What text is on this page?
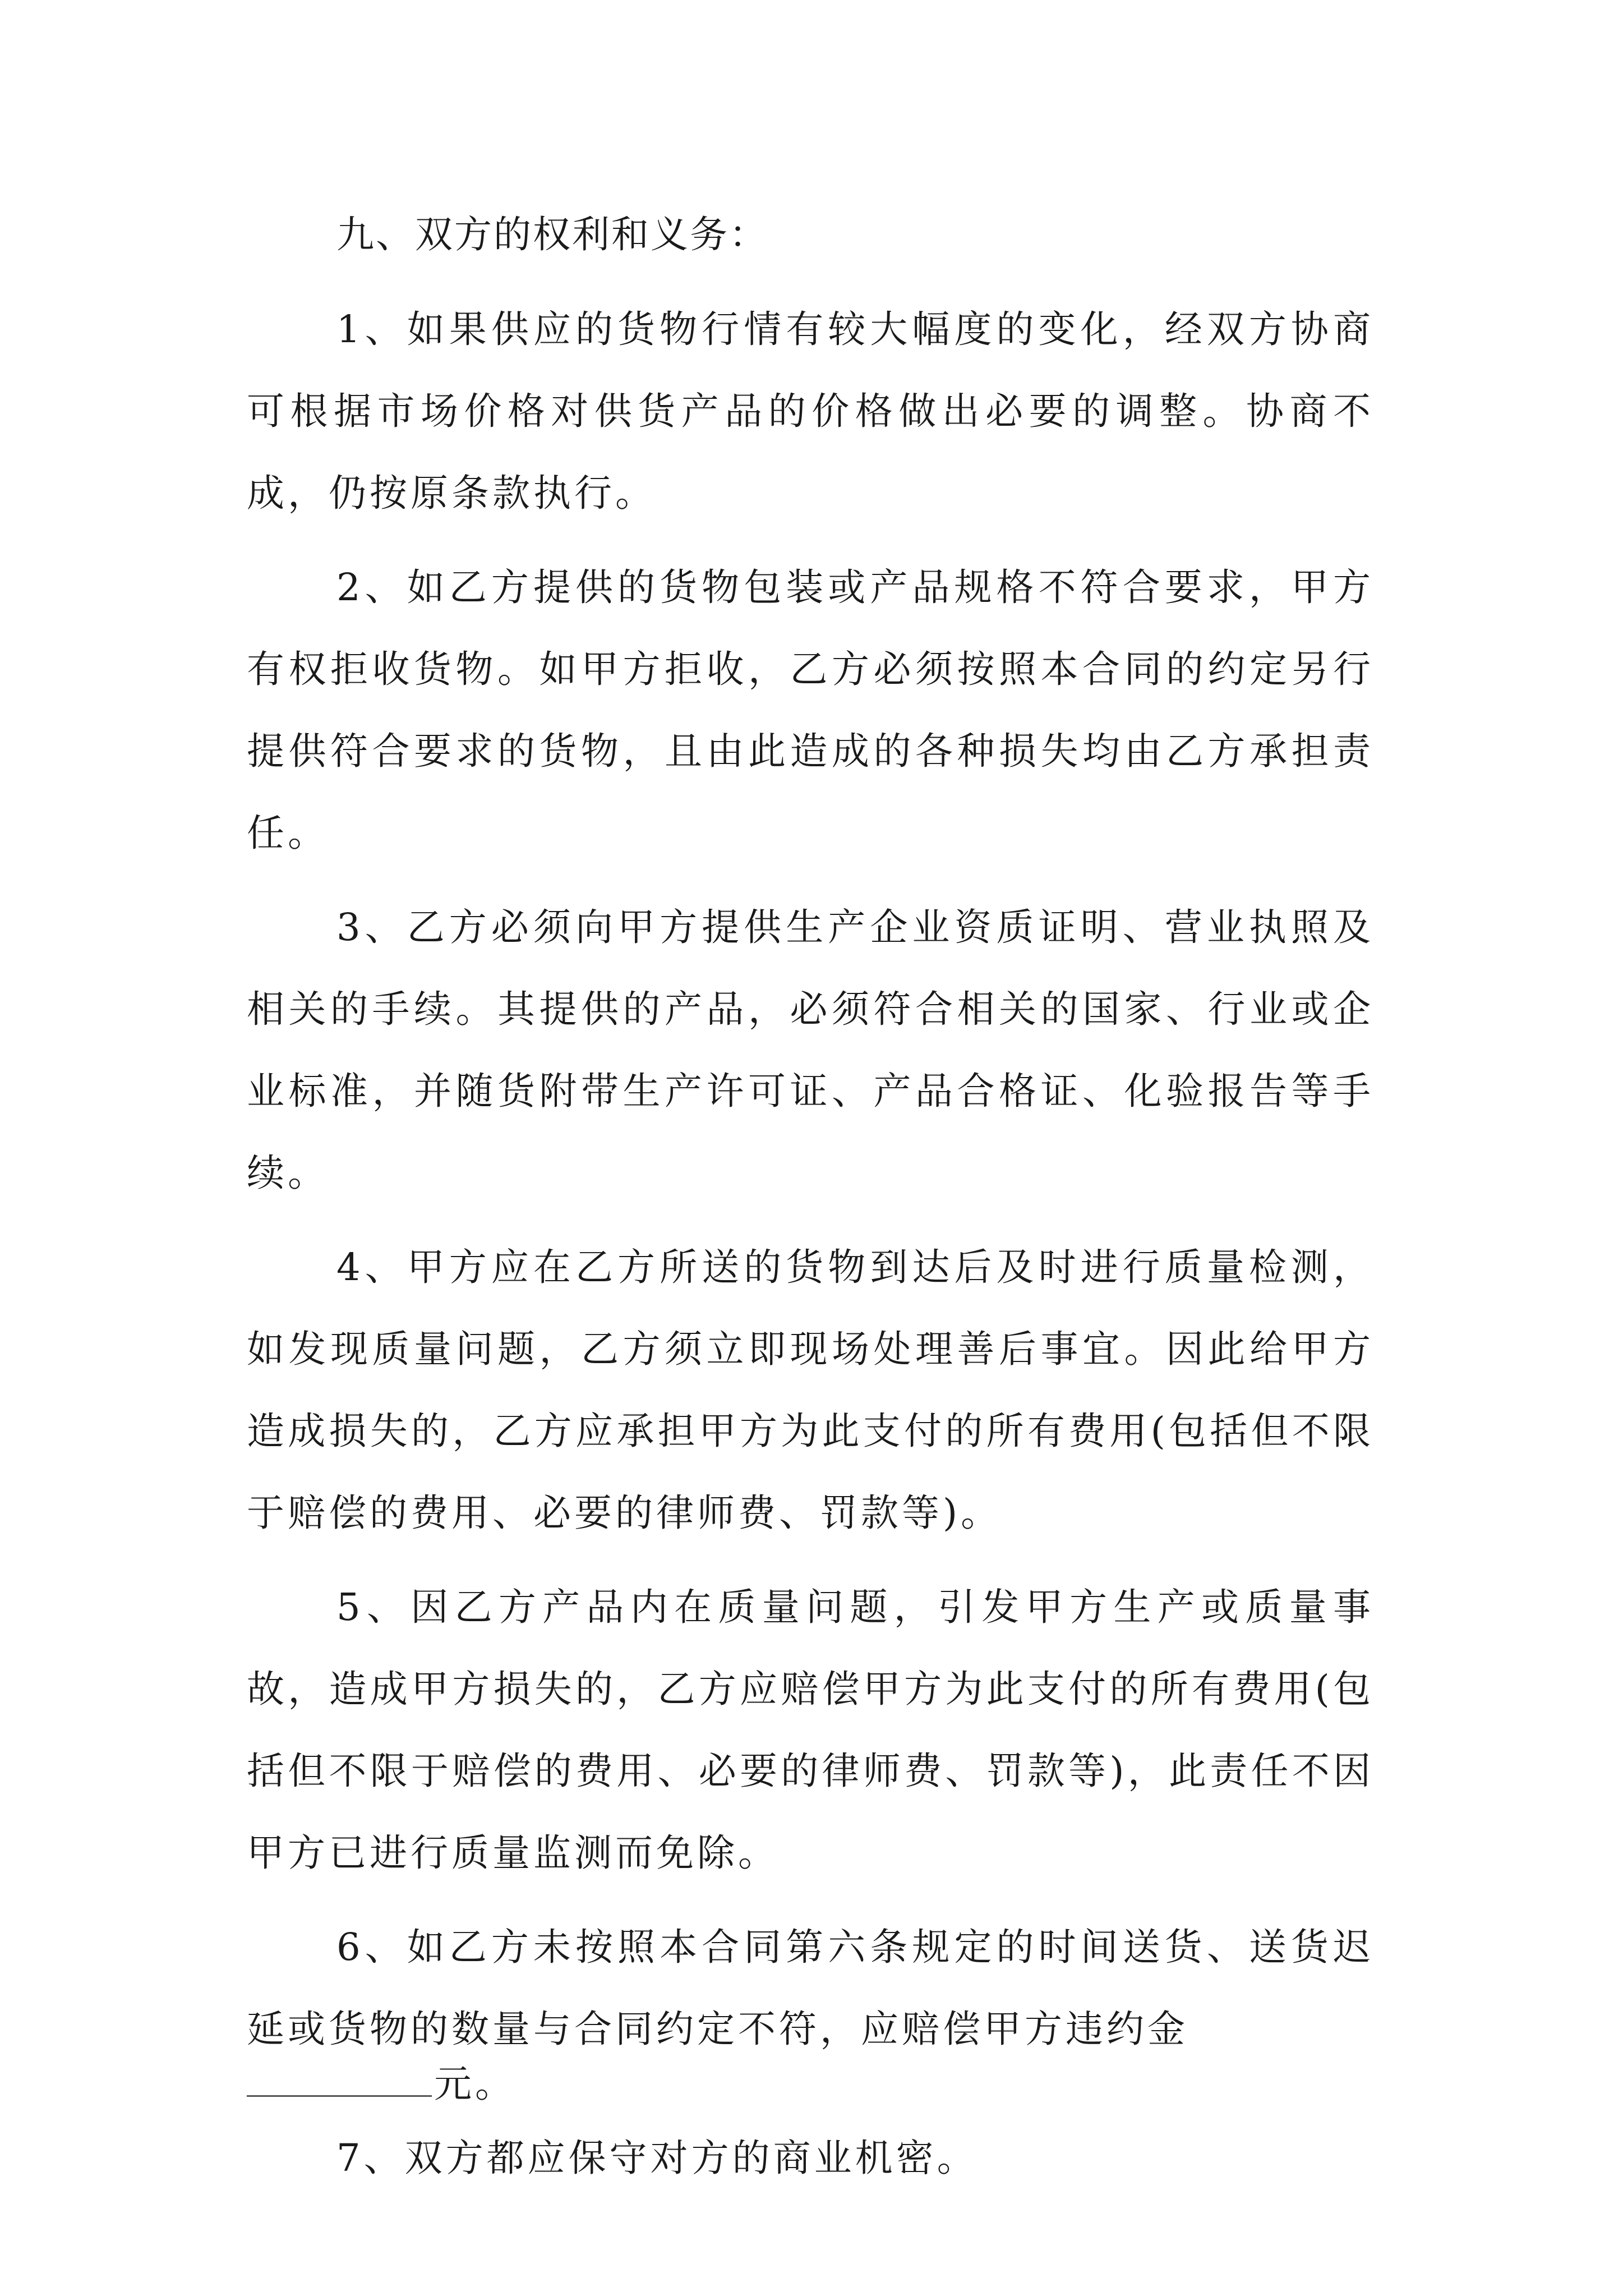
九、双方的权利和义务：

1、如果供应的货物行情有较大幅度的变化，经双方协商可根据市场价格对供货产品的价格做出必要的调整。协商不成，仍按原条款执行。

2、如乙方提供的货物包装或产品规格不符合要求，甲方有权拒收货物。如甲方拒收，乙方必须按照本合同的约定另行提供符合要求的货物，且由此造成的各种损失均由乙方承担责任。

3、乙方必须向甲方提供生产企业资质证明、营业执照及相关的手续。其提供的产品，必须符合相关的国家、行业或企业标准，并随货附带生产许可证、产品合格证、化验报告等手续。

4、甲方应在乙方所送的货物到达后及时进行质量检测，如发现质量问题，乙方须立即现场处理善后事宜。因此给甲方造成损失的，乙方应承担甲方为此支付的所有费用(包括但不限于赔偿的费用、必要的律师费、罚款等)。

5、因乙方产品内在质量问题，引发甲方生产或质量事故，造成甲方损失的，乙方应赔偿甲方为此支付的所有费用(包括但不限于赔偿的费用、必要的律师费、罚款等)，此责任不因甲方已进行质量监测而免除。

6、如乙方未按照本合同第六条规定的时间送货、送货迟延或货物的数量与合同约定不符，应赔偿甲方违约金

元。

7、双方都应保守对方的商业机密。
